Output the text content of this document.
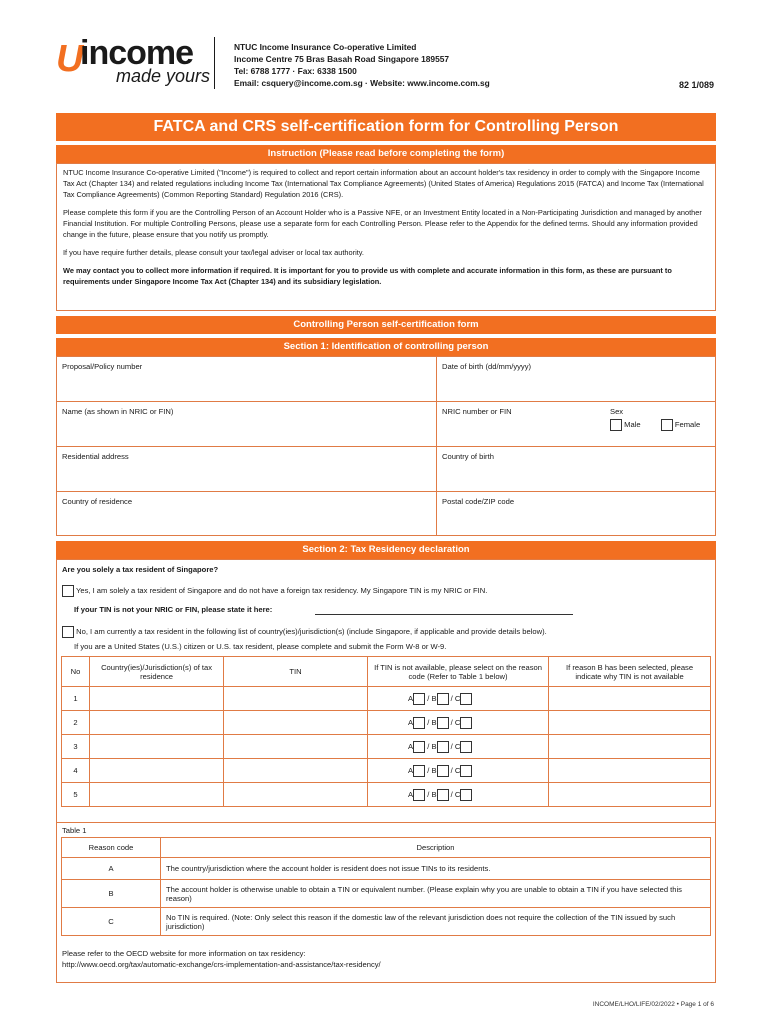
U
income
made yours
NTUC Income Insurance Co-operative Limited
Income Centre 75 Bras Basah Road Singapore 189557
Tel: 6788 1777 · Fax: 6338 1500
Email: csquery@income.com.sg · Website: www.income.com.sg	82 1/089
FATCA and CRS self-certification form for Controlling Person
Instruction (Please read before completing the form)
NTUC Income Insurance Co-operative Limited ("Income") is required to collect and report certain information about an account holder's tax residency in order to comply with the Singapore Income Tax Act (Chapter 134) and related regulations including Income Tax (International Tax Compliance Agreements) (United States of America) Regulations 2015 (FATCA) and Income Tax (International Tax Compliance Agreements) (Common Reporting Standard) Regulation 2016 (CRS).
Please complete this form if you are the Controlling Person of an Account Holder who is a Passive NFE, or an Investment Entity located in a Non-Participating Jurisdiction and managed by another Financial Institution. For multiple Controlling Persons, please use a separate form for each Controlling Person. Please refer to the Appendix for the defined terms. Should any information provided change in the future, please ensure that you notify us promptly.
If you have require further details, please consult your tax/legal adviser or local tax authority.
We may contact you to collect more information if required. It is important for you to provide us with complete and accurate information in this form, as these are pursuant to requirements under Singapore Income Tax Act (Chapter 134) and its subsidiary legislation.
Controlling Person self-certification form
Section 1: Identification of controlling person
Proposal/Policy number	Date of birth (dd/mm/yyyy)
Name (as shown in NRIC or FIN)	NRIC number or FIN	Sex
Male	Female
Residential address	Country of birth
Country of residence	Postal code/ZIP code
Section 2: Tax Residency declaration
Are you solely a tax resident of Singapore?
Yes, I am solely a tax resident of Singapore and do not have a foreign tax residency. My Singapore TIN is my NRIC or FIN.
If your TIN is not your NRIC or FIN, please state it here:
No, I am currently a tax resident in the following list of country(ies)/jurisdiction(s) (include Singapore, if applicable and provide details below).
If you are a United States (U.S.) citizen or U.S. tax resident, please complete and submit the Form W-8 or W-9.
No	Country(ies)/Jurisdiction(s) of tax residence	TIN	If TIN is not available, please select on the reason code (Refer to Table 1 below)	If reason B has been selected, please indicate why TIN is not available
1			A / B / C	
2			A / B / C	
3			A / B / C	
4			A / B / C	
5			A / B / C	
Table 1
Reason code	Description
A	The country/jurisdiction where the account holder is resident does not issue TINs to its residents.
B	The account holder is otherwise unable to obtain a TIN or equivalent number. (Please explain why you are unable to obtain a TIN if you have selected this reason)
C	No TIN is required. (Note: Only select this reason if the domestic law of the relevant jurisdiction does not require the collection of the TIN issued by such jurisdiction)
Please refer to the OECD website for more information on tax residency:
http://www.oecd.org/tax/automatic-exchange/crs-implementation-and-assistance/tax-residency/
INCOME/LHO/LIFE/02/2022 • Page 1 of 6
